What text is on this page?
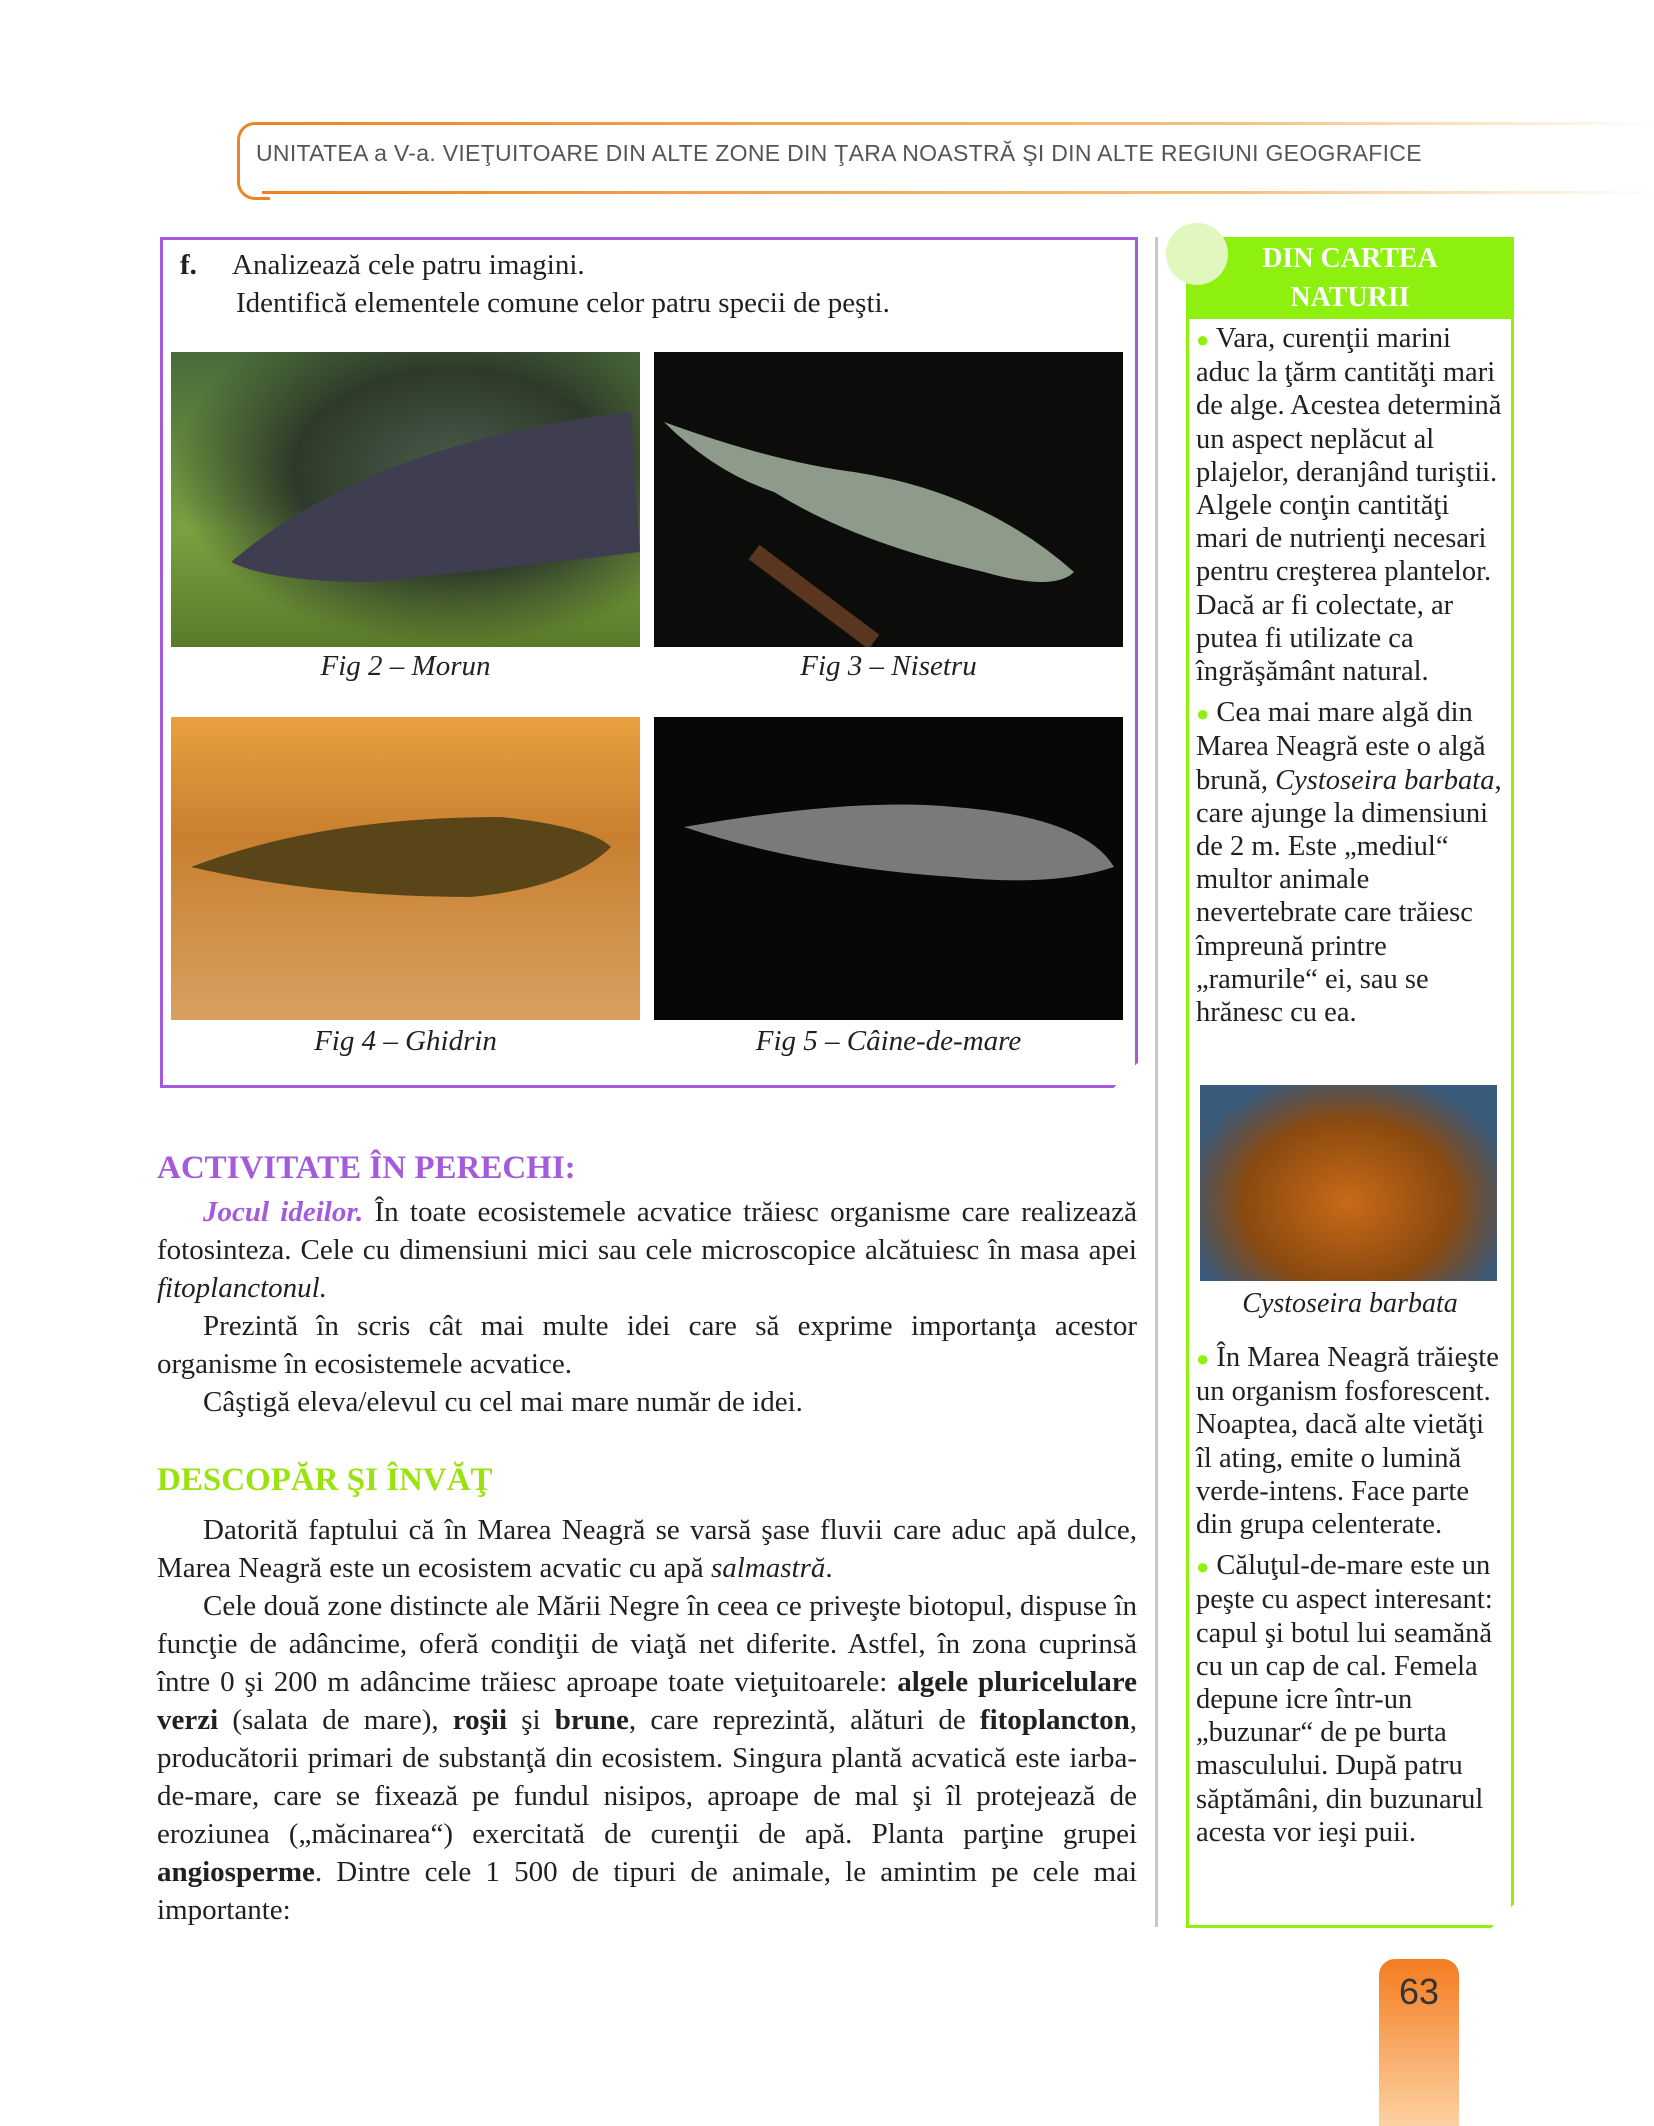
UNITATEA a V-a. VIEŢUITOARE DIN ALTE ZONE DIN ŢARA NOASTRĂ ŞI DIN ALTE REGIUNI GEOGRAFICE
f. Analizează cele patru imagini.
Identifică elementele comune celor patru specii de peşti.
Fig 2 – Morun	Fig 3 – Nisetru
Fig 4 – Ghidrin	Fig 5 – Câine-de-mare
ACTIVITATE ÎN PERECHI:

Jocul ideilor. În toate ecosistemele acvatice trăiesc organisme care realizează fotosinteza. Cele cu dimensiuni mici sau cele microscopice alcătuiesc în masa apei fitoplanctonul.

Prezintă în scris cât mai multe idei care să exprime importanţa acestor organisme în ecosistemele acvatice.

Câştigă eleva/elevul cu cel mai mare număr de idei.

DESCOPĂR ŞI ÎNVĂŢ

Datorită faptului că în Marea Neagră se varsă şase fluvii care aduc apă dulce, Marea Neagră este un ecosistem acvatic cu apă salmastră.

Cele două zone distincte ale Mării Negre în ceea ce priveşte biotopul, dispuse în funcţie de adâncime, oferă condiţii de viaţă net diferite. Astfel, în zona cuprinsă între 0 şi 200 m adâncime trăiesc aproape toate vieţuitoarele: algele pluricelulare verzi (salata de mare), roşii şi brune, care reprezintă, alături de fitoplancton, producătorii primari de substanţă din ecosistem. Singura plantă acvatică este iarba-de-mare, care se fixează pe fundul nisipos, aproape de mal şi îl protejează de eroziunea („măcinarea“) exercitată de curenţii de apă. Planta parţine grupei angiosperme. Dintre cele 1 500 de tipuri de animale, le amintim pe cele mai importante:

DIN CARTEA
NATURII

● Vara, curenţii marini aduc la ţărm cantităţi mari de alge. Acestea determină un aspect neplăcut al plajelor, deranjând turiştii. Algele conţin cantităţi mari de nutrienţi necesari pentru creşterea plantelor. Dacă ar fi colectate, ar putea fi utilizate ca îngrăşământ natural.

● Cea mai mare algă din Marea Neagră este o algă brună, Cystoseira barbata, care ajunge la dimensiuni de 2 m. Este „mediul“ multor animale nevertebrate care trăiesc împreună printre „ramurile“ ei, sau se hrănesc cu ea.

Cystoseira barbata

● În Marea Neagră trăieşte un organism fosforescent. Noaptea, dacă alte vietăţi îl ating, emite o lumină verde-intens. Face parte din grupa celenterate.

● Căluţul-de-mare este un peşte cu aspect interesant: capul şi botul lui seamănă cu un cap de cal. Femela depune icre într-un „buzunar“ de pe burta masculului. După patru săptămâni, din buzunarul acesta vor ieşi puii.

63
